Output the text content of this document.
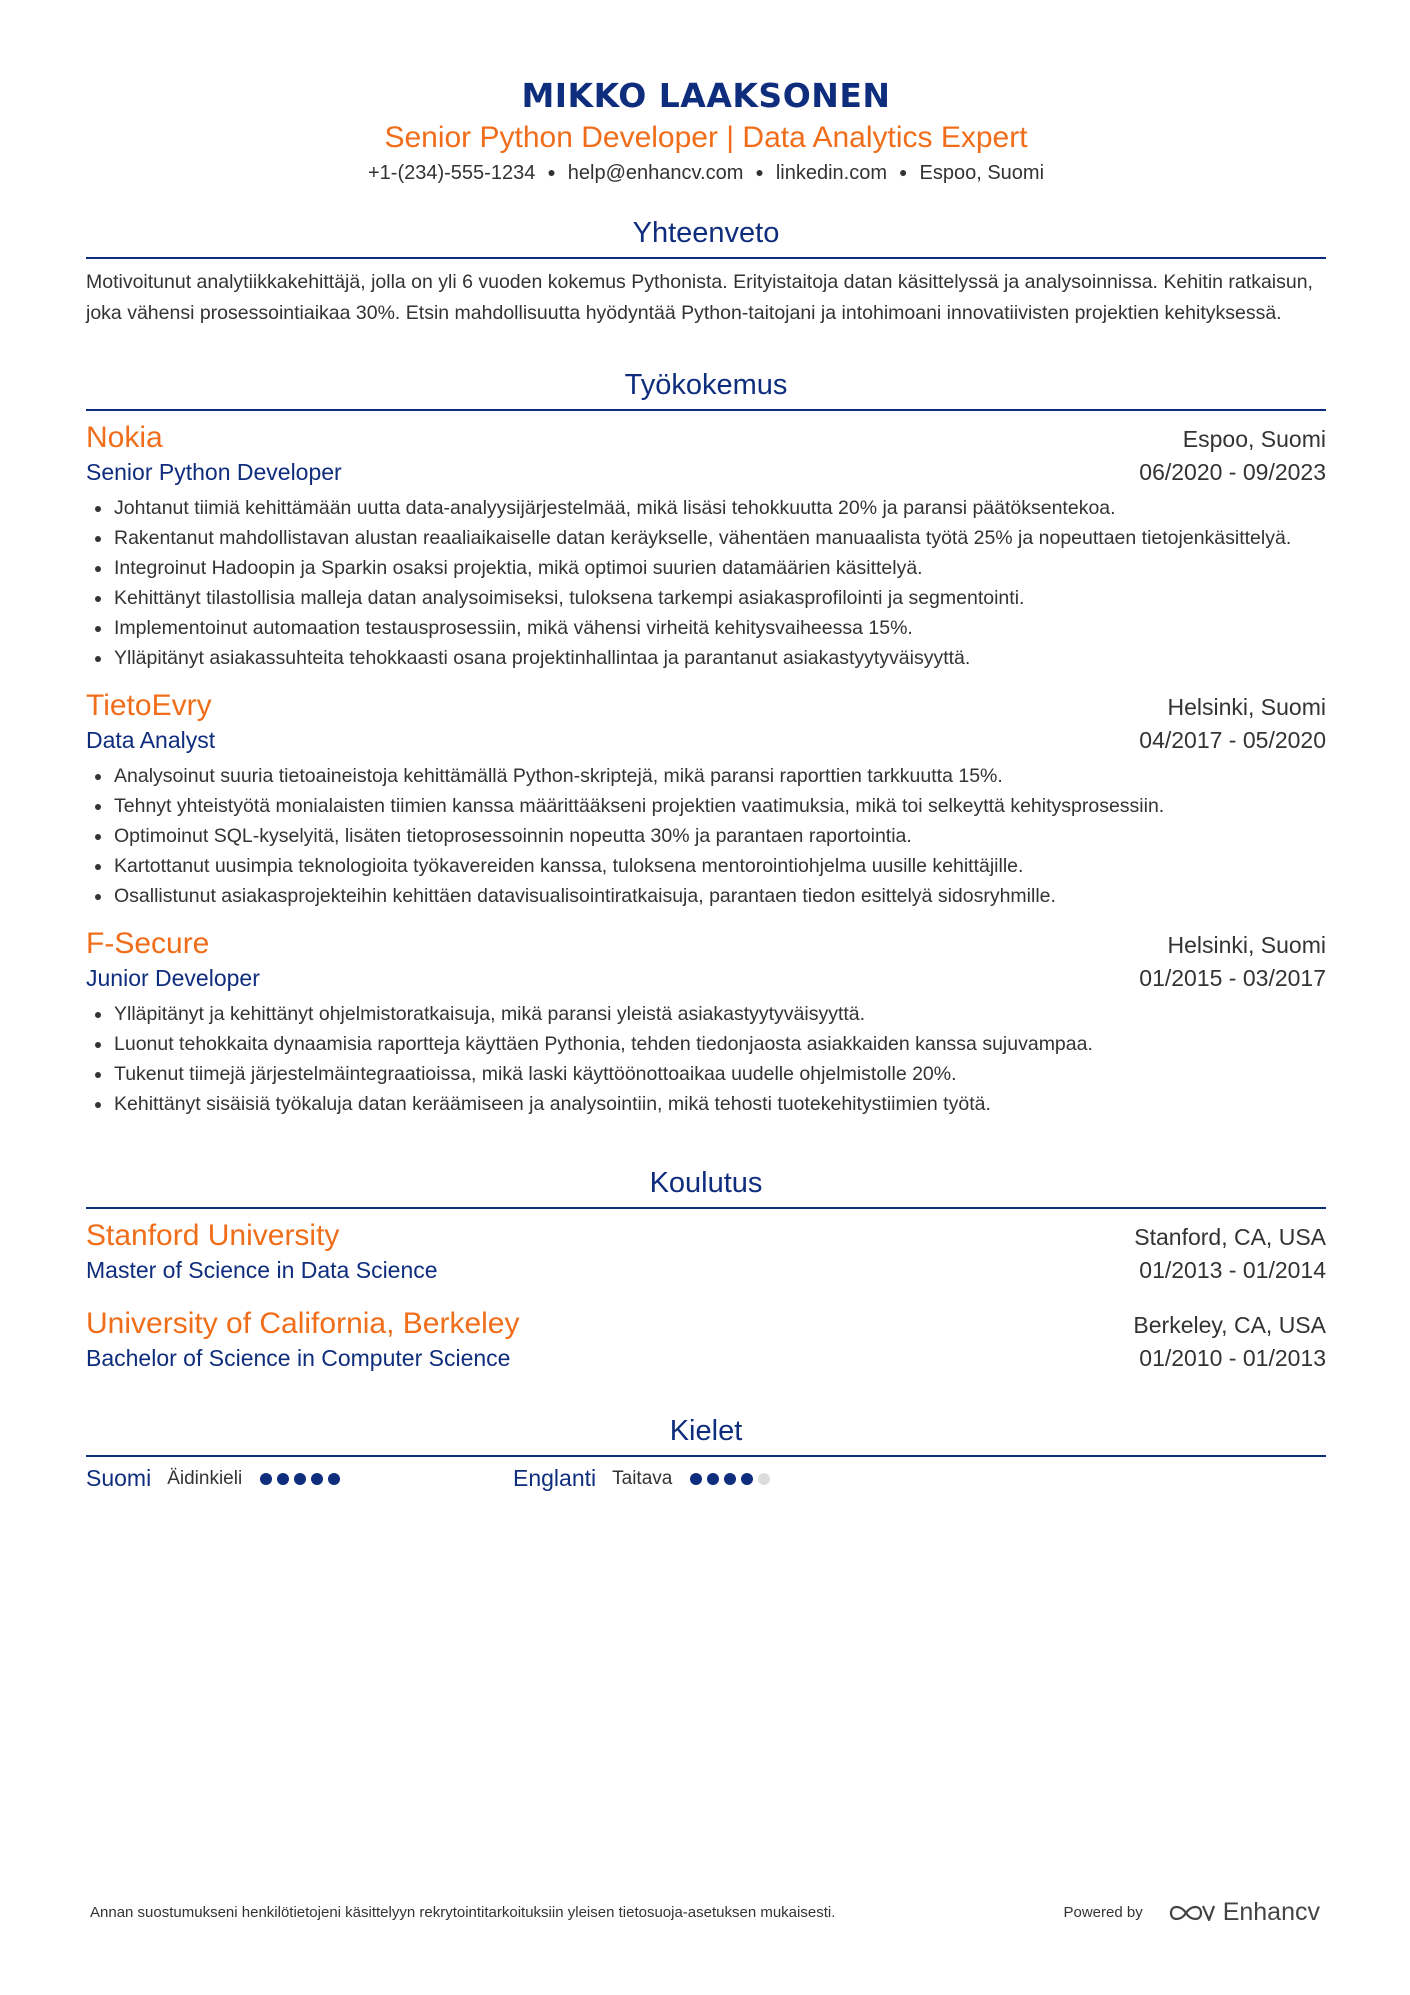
MIKKO LAAKSONEN
Senior Python Developer | Data Analytics Expert
+1-(234)-555-1234 ● help@enhancv.com ● linkedin.com ● Espoo, Suomi
Yhteenveto
Motivoitunut analytiikkakehittäjä, jolla on yli 6 vuoden kokemus Pythonista. Erityistaitoja datan käsittelyssä ja analysoinnissa. Kehitin ratkaisun, joka vähensi prosessointiaikaa 30%. Etsin mahdollisuutta hyödyntää Python-taitojani ja intohimoani innovatiivisten projektien kehityksessä.
Työkokemus
Nokia	Espoo, Suomi
Senior Python Developer	06/2020 - 09/2023
Johtanut tiimiä kehittämään uutta data-analyysijärjestelmää, mikä lisäsi tehokkuutta 20% ja paransi päätöksentekoa.
Rakentanut mahdollistavan alustan reaaliaikaiselle datan keräykselle, vähentäen manuaalista työtä 25% ja nopeuttaen tietojenkäsittelyä.
Integroinut Hadoopin ja Sparkin osaksi projektia, mikä optimoi suurien datamäärien käsittelyä.
Kehittänyt tilastollisia malleja datan analysoimiseksi, tuloksena tarkempi asiakasprofilointi ja segmentointi.
Implementoinut automaation testausprosessiin, mikä vähensi virheitä kehitysvaiheessa 15%.
Ylläpitänyt asiakassuhteita tehokkaasti osana projektinhallintaa ja parantanut asiakastyytyväisyyttä.
TietoEvry	Helsinki, Suomi
Data Analyst	04/2017 - 05/2020
Analysoinut suuria tietoaineistoja kehittämällä Python-skriptejä, mikä paransi raporttien tarkkuutta 15%.
Tehnyt yhteistyötä monialaisten tiimien kanssa määrittääkseni projektien vaatimuksia, mikä toi selkeyttä kehitysprosessiin.
Optimoinut SQL-kyselyitä, lisäten tietoprosessoinnin nopeutta 30% ja parantaen raportointia.
Kartottanut uusimpia teknologioita työkavereiden kanssa, tuloksena mentorointiohjelma uusille kehittäjille.
Osallistunut asiakasprojekteihin kehittäen datavisualisointiratkaisuja, parantaen tiedon esittelyä sidosryhmille.
F-Secure	Helsinki, Suomi
Junior Developer	01/2015 - 03/2017
Ylläpitänyt ja kehittänyt ohjelmistoratkaisuja, mikä paransi yleistä asiakastyytyväisyyttä.
Luonut tehokkaita dynaamisia raportteja käyttäen Pythonia, tehden tiedonjaosta asiakkaiden kanssa sujuvampaa.
Tukenut tiimejä järjestelmäintegraatioissa, mikä laski käyttöönottoaikaa uudelle ohjelmistolle 20%.
Kehittänyt sisäisiä työkaluja datan keräämiseen ja analysointiin, mikä tehosti tuotekehitystiimien työtä.
Koulutus
Stanford University	Stanford, CA, USA
Master of Science in Data Science	01/2013 - 01/2014
University of California, Berkeley	Berkeley, CA, USA
Bachelor of Science in Computer Science	01/2010 - 01/2013
Kielet
Suomi Äidinkieli	Englanti Taitava
Annan suostumukseni henkilötietojeni käsittelyyn rekrytointitarkoituksiin yleisen tietosuoja-asetuksen mukaisesti.	Powered by	Enhancv
